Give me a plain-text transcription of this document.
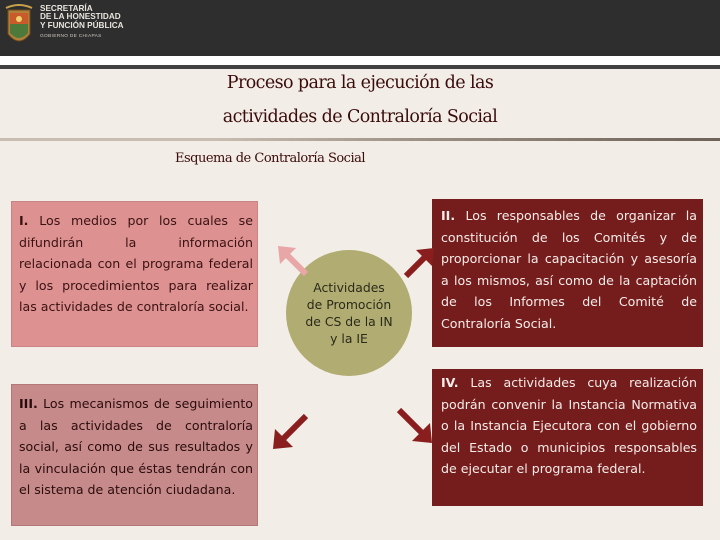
SECRETARÍA
DE LA HONESTIDAD
Y FUNCIÓN PÚBLICA
GOBIERNO DE CHIAPAS
Proceso para la ejecución de las
actividades de Contraloría Social
Esquema de Contraloría Social
I. Los medios por los cuales se difundirán la información relacionada con el programa federal y los procedimientos para realizar las actividades de contraloría social.
II. Los responsables de organizar la constitución de los Comités y de proporcionar la capacitación y asesoría a los mismos, así como de la captación de los Informes del Comité de Contraloría Social.
III. Los mecanismos de seguimiento a las actividades de contraloría social, así como de sus resultados y la vinculación que éstas tendrán con el sistema de atención ciudadana.
IV. Las actividades cuya realización podrán convenir la Instancia Normativa o la Instancia Ejecutora con el gobierno del Estado o municipios responsables de ejecutar el programa federal.
Actividades
de Promoción
de CS de la IN
y la IE
